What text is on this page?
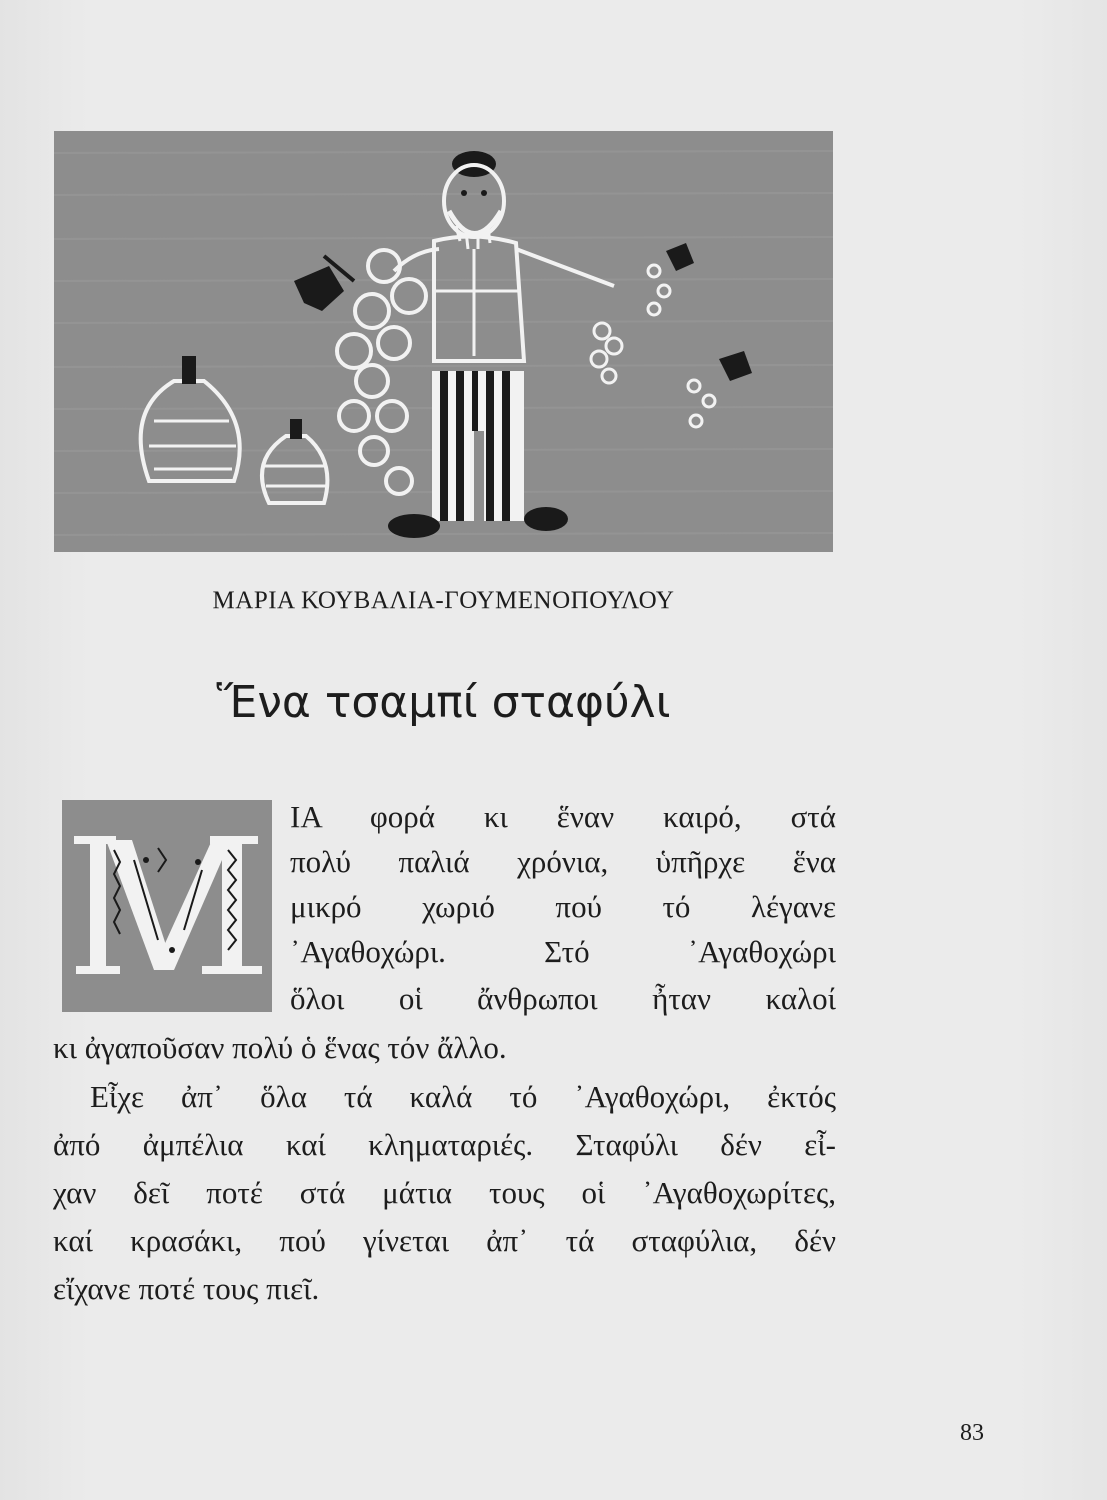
ΜΑΡΙΑ ΚΟΥΒΑΛΙΑ-ΓΟΥΜΕΝΟΠΟΥΛΟΥ
Ἕνα τσαμπί σταφύλι
ΙΑ φορά κι ἕναν καιρό, στά
πολύ παλιά χρόνια, ὑπῆρχε ἕνα
μικρό χωριό πού τό λέγανε
᾿Αγαθοχώρι. Στό ᾿Αγαθοχώρι
ὅλοι οἱ ἄνθρωποι ἦταν καλοί
κι ἀγαποῦσαν πολύ ὁ ἕνας τόν ἄλλο.
Εἶχε ἀπ᾿ ὅλα τά καλά τό ᾿Αγαθοχώρι, ἐκτός
ἀπό ἀμπέλια καί κληματαριές. Σταφύλι δέν εἶ-
χαν δεῖ ποτέ στά μάτια τους οἱ ᾿Αγαθοχωρίτες,
καί κρασάκι, πού γίνεται ἀπ᾿ τά σταφύλια, δέν
εἴχανε ποτέ τους πιεῖ.
83
